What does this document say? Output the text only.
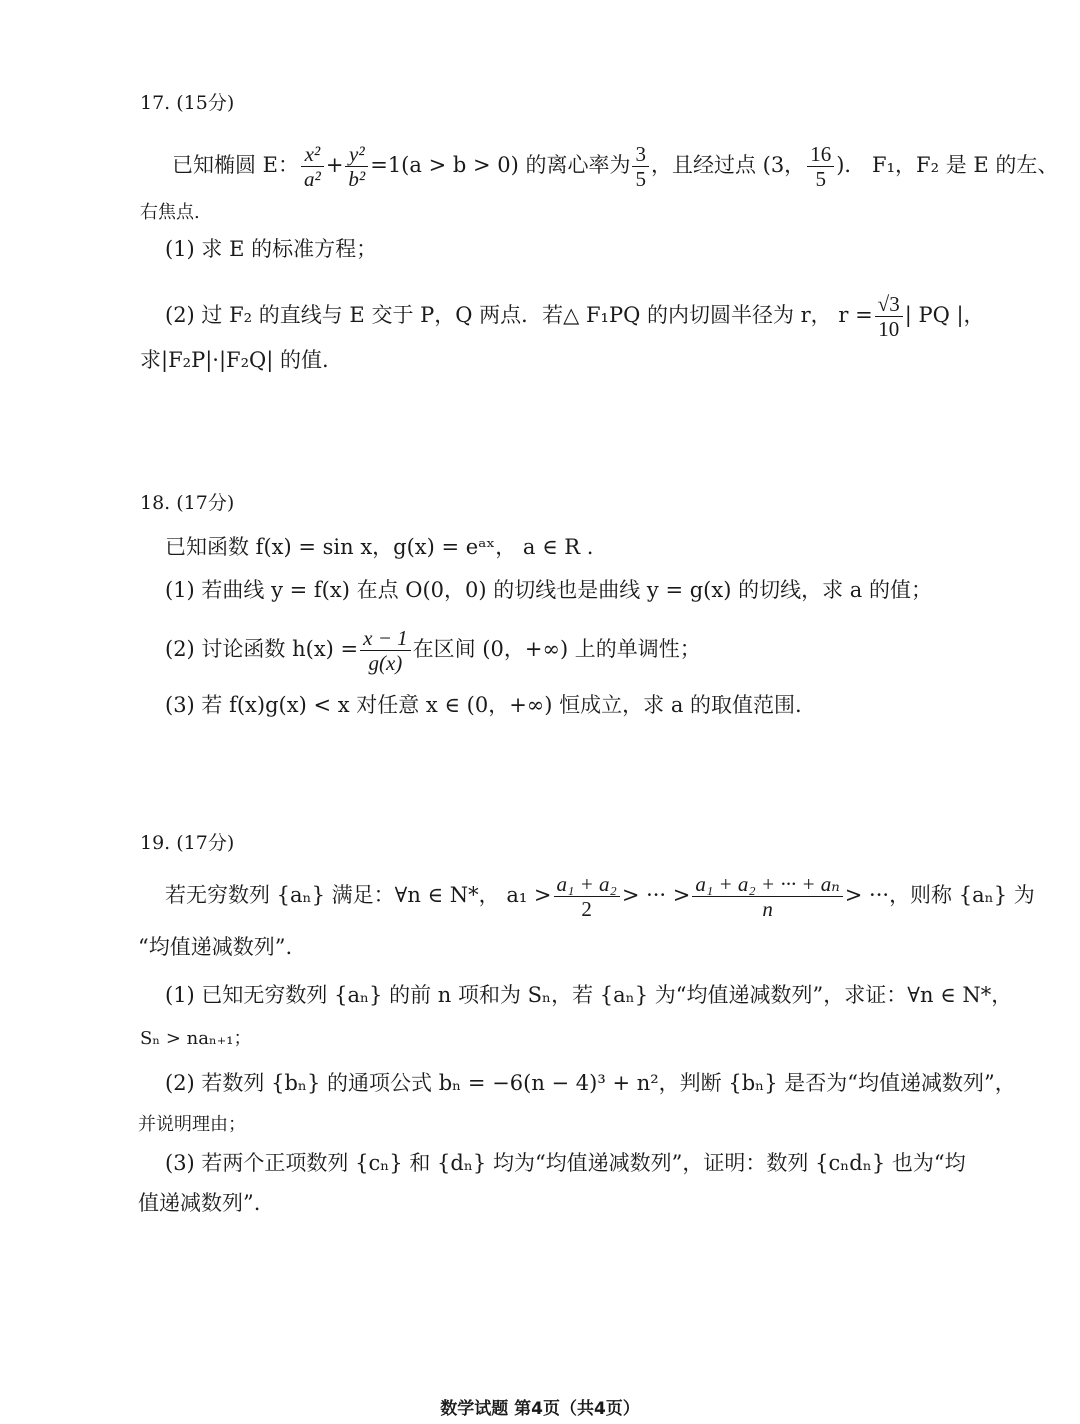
17. (15分)
已知椭圆 E： $\frac{\text{x²}}{\text{a²}} + \frac{\text{y²}}{\text{b²}} =1(a > b > 0)$ 的离心率为 $\frac{3}{5}$ ，且经过点 (3， $\frac{16}{5}$ )． F₁，F₂ 是 E 的左、
右焦点.
(1) 求 E 的标准方程；
(2) 过 F₂ 的直线与 E 交于 P，Q 两点．若△ F₁PQ 的内切圆半径为 r， $r = \frac{√3}{10}$ | PQ |，
求|F₂P|·|F₂Q| 的值.
18. (17分)
已知函数 f(x) = sin x，g(x) = eᵃˣ， a ∈ R .
(1) 若曲线 y = f(x) 在点 O(0，0) 的切线也是曲线 y = g(x) 的切线，求 a 的值；
(2) 讨论函数 $h(x) = \frac{x - 1}{g(x)}$ 在区间 (0，+∞) 上的单调性；
(3) 若 f(x)g(x) < x 对任意 x ∈ (0，+∞) 恒成立，求 a 的取值范围.
19. (17分)
若无穷数列 {aₙ} 满足：∀n ∈ N*， $a_1 > \frac{\text{a₁ + a₂}}{2}$ > ··· > $\frac{\text{a₁ + a₂ + ··· + aₙ}}{n}$ > ···，则称 {aₙ} 为
“均值递减数列”.
(1) 已知无穷数列 {aₙ} 的前 n 项和为 Sₙ，若 {aₙ} 为“均值递减数列”，求证：∀n ∈ N*，
Sₙ > naₙ₊₁；
(2) 若数列 {bₙ} 的通项公式 bₙ = −6(n − 4)³ + n²，判断 {bₙ} 是否为“均值递减数列”，
并说明理由；
(3) 若两个正项数列 {cₙ} 和 {dₙ} 均为“均值递减数列”，证明：数列 {cₙdₙ} 也为“均
值递减数列”.
数学试题 第4页（共4页）
